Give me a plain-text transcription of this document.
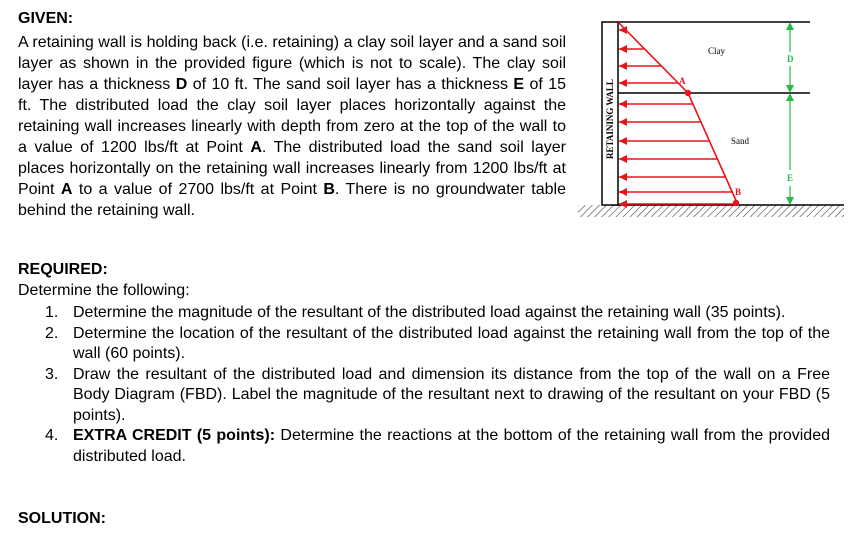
GIVEN:
A retaining wall is holding back (i.e. retaining) a clay soil layer and a sand soil layer as shown in the provided figure (which is not to scale). The clay soil layer has a thickness D of 10 ft. The sand soil layer has a thickness E of 15 ft. The distributed load the clay soil layer places horizontally against the retaining wall increases linearly with depth from zero at the top of the wall to a value of 1200 lbs/ft at Point A. The distributed load the sand soil layer places horizontally on the retaining wall increases linearly from 1200 lbs/ft at Point A to a value of 2700 lbs/ft at Point B. There is no groundwater table behind the retaining wall.
RETAINING WALL	A
B
Clay
Sand
D
E
REQUIRED:
Determine the following:
1. Determine the magnitude of the resultant of the distributed load against the retaining wall (35 points).
2. Determine the location of the resultant of the distributed load against the retaining wall from the top of the wall (60 points).
3. Draw the resultant of the distributed load and dimension its distance from the top of the wall on a Free Body Diagram (FBD). Label the magnitude of the resultant next to drawing of the resultant on your FBD (5 points).
4. EXTRA CREDIT (5 points): Determine the reactions at the bottom of the retaining wall from the provided distributed load.
SOLUTION:
